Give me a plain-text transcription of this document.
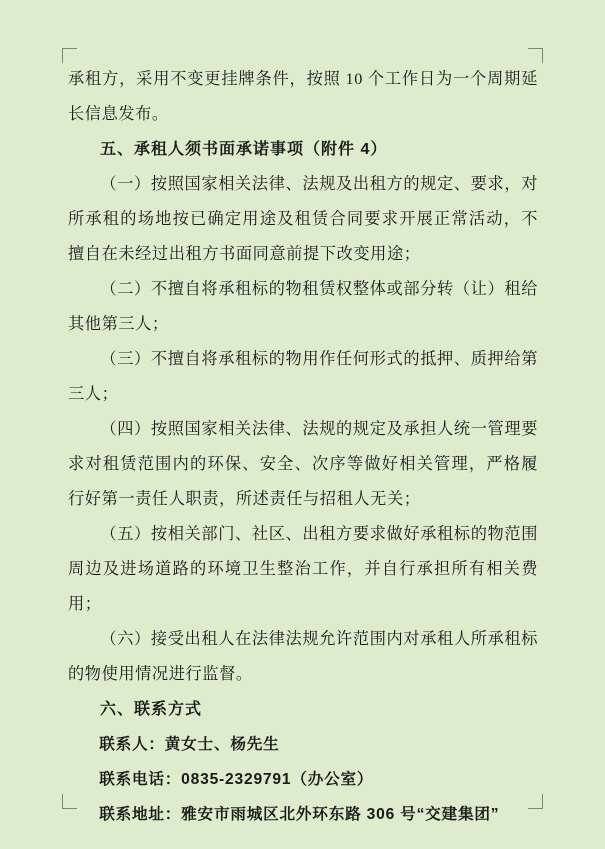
承租方，采用不变更挂牌条件，按照 10 个工作日为一个周期延长信息发布。

五、承租人须书面承诺事项（附件 4）

（一）按照国家相关法律、法规及出租方的规定、要求，对所承租的场地按已确定用途及租赁合同要求开展正常活动，不擅自在未经过出租方书面同意前提下改变用途；

（二）不擅自将承租标的物租赁权整体或部分转（让）租给其他第三人；

（三）不擅自将承租标的物用作任何形式的抵押、质押给第三人；

（四）按照国家相关法律、法规的规定及承担人统一管理要求对租赁范围内的环保、安全、次序等做好相关管理，严格履行好第一责任人职责，所述责任与招租人无关；

（五）按相关部门、社区、出租方要求做好承租标的物范围周边及进场道路的环境卫生整治工作，并自行承担所有相关费用；

（六）接受出租人在法律法规允许范围内对承租人所承租标的物使用情况进行监督。

六、联系方式

联系人：黄女士、杨先生

联系电话：0835-2329791（办公室）

联系地址：雅安市雨城区北外环东路 306 号“交建集团”
